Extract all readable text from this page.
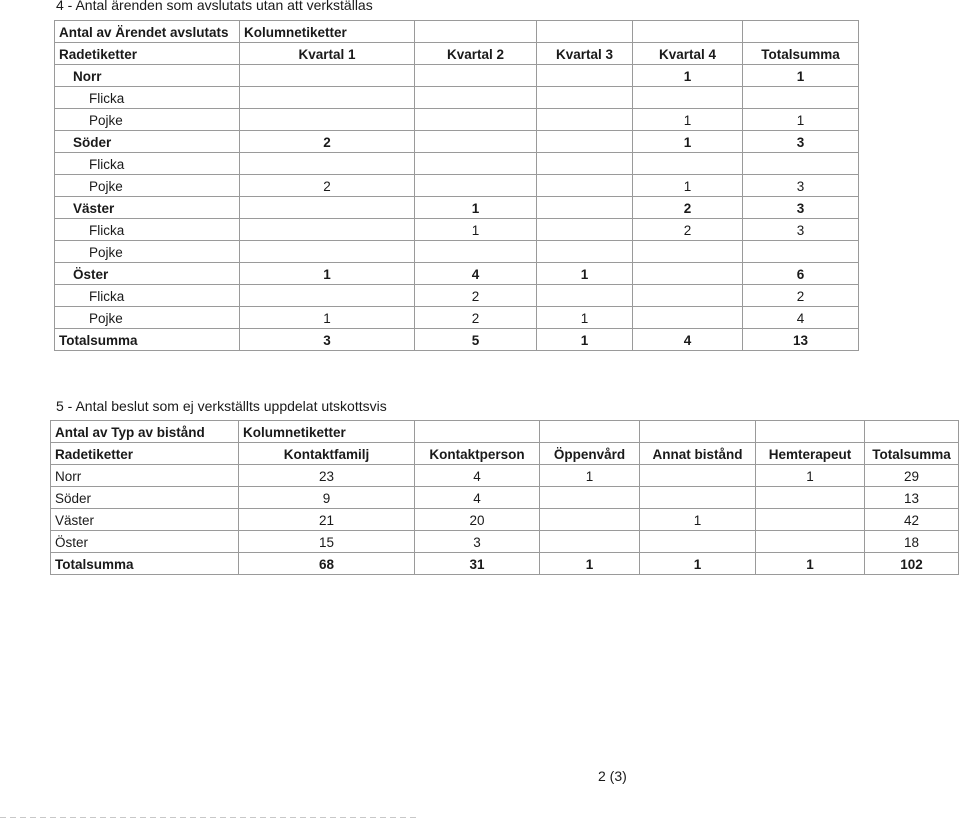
4 - Antal ärenden som avslutats utan att verkställas
Antal av Ärendet avslutats	Kolumnetiketter				
Radetiketter	Kvartal 1	Kvartal 2	Kvartal 3	Kvartal 4	Totalsumma
Norr				1	1
Flicka					
Pojke				1	1
Söder	2			1	3
Flicka					
Pojke	2			1	3
Väster		1		2	3
Flicka		1		2	3
Pojke					
Öster	1	4	1		6
Flicka		2			2
Pojke	1	2	1		4
Totalsumma	3	5	1	4	13
5 - Antal beslut som ej verkställts uppdelat utskottsvis
Antal av Typ av bistånd	Kolumnetiketter					
Radetiketter	Kontaktfamilj	Kontaktperson	Öppenvård	Annat bistånd	Hemterapeut	Totalsumma
Norr	23	4	1		1	29
Söder	9	4				13
Väster	21	20		1		42
Öster	15	3				18
Totalsumma	68	31	1	1	1	102
2 (3)
